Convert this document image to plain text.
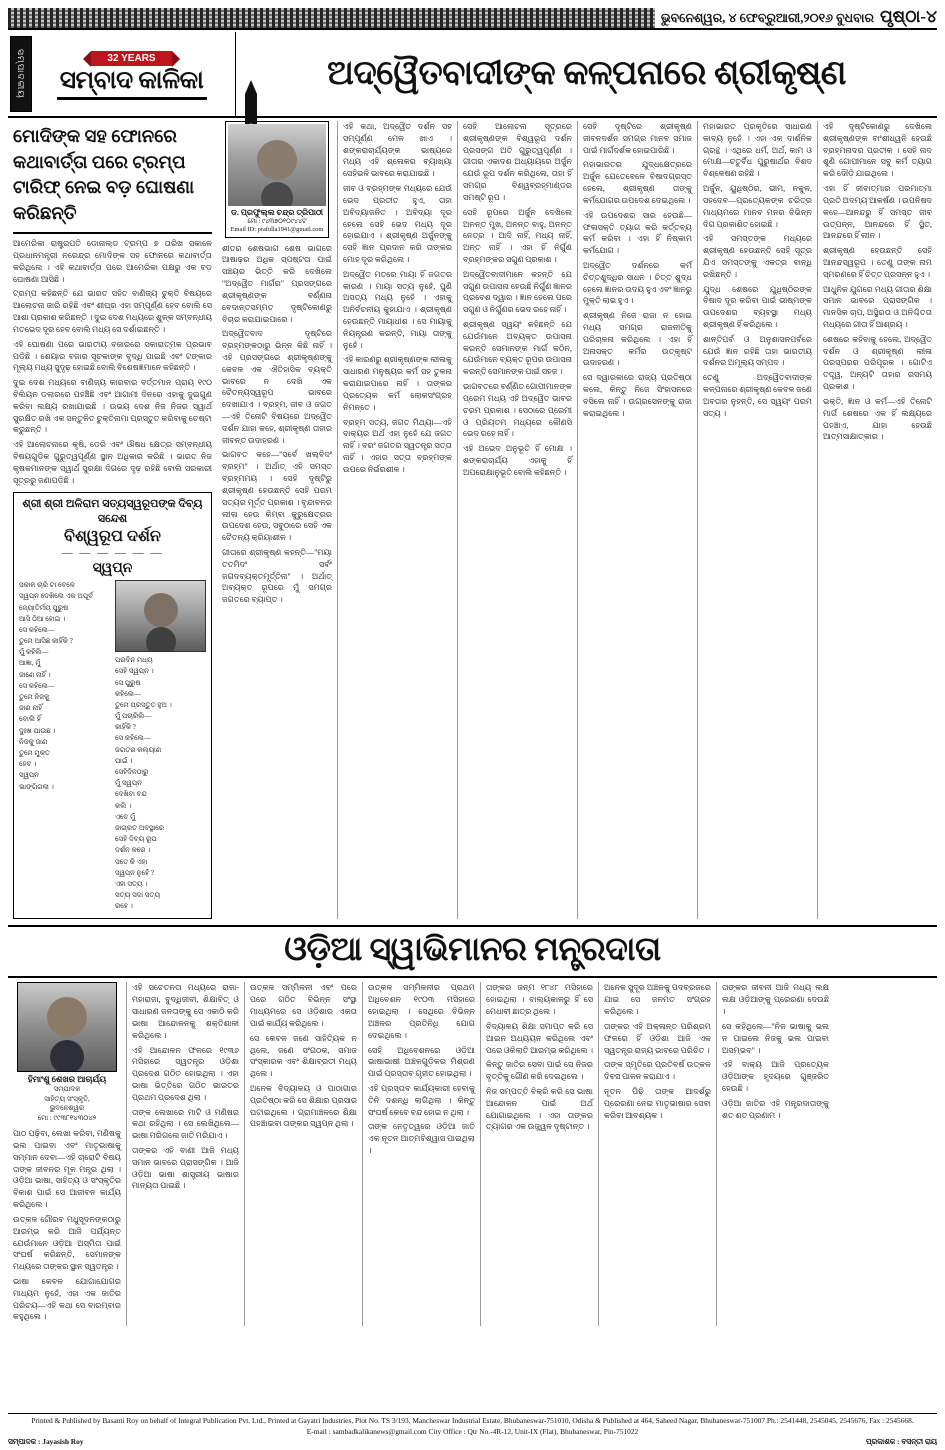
ଭୁବନେଶ୍ୱର, ୪ ଫେବ୍ରୁଆରୀ,୨୦୧୬ ବୁଧବାର ପୃଷ୍ଠା-୪
ସମ୍ପାଦକୀୟ	32 YEARS
ସମ୍ବାଦ କାଳିକା	ଅଦ୍ୱୈତବାଦୀଙ୍କ କଳ୍ପନାରେ ଶ୍ରୀକୃଷ୍ଣ
ମୋଦିଙ୍କ ସହ ଫୋନରେ କଥାବାର୍ତ୍ତା ପରେ ଟ୍ରମ୍ପ ଟାରିଫ୍ ନେଇ ବଡ଼ ଘୋଷଣା କରିଛନ୍ତି

ଆମେରିକା ରାଷ୍ଟ୍ରପତି ଡୋନାଲ୍ଡ ଟ୍ରମ୍ପ ୭ ତାରିଖ ସକାଳେ ପ୍ରଧାନମନ୍ତ୍ରୀ ନରେନ୍ଦ୍ର ମୋଦିଙ୍କ ସହ ଫୋନରେ କଥାବାର୍ତ୍ତା କରିଥିଲେ । ଏହି କଥାବାର୍ତ୍ତା ପରେ ଆମେରିକା ପକ୍ଷରୁ ଏକ ବଡ଼ ଘୋଷଣା ଆସିଛି ।

ଟ୍ରମ୍ପ କହିଛନ୍ତି ଯେ ଭାରତ ସହିତ ବାଣିଜ୍ୟ ଚୁକ୍ତି ବିଷୟରେ ଆଲୋଚନା ଜାରି ରହିଛି ଏବଂ ଶୀଘ୍ର ଏହା ସମ୍ପୂର୍ଣ୍ଣ ହେବ ବୋଲି ସେ ଆଶା ପ୍ରକାଶ କରିଛନ୍ତି । ଦୁଇ ଦେଶ ମଧ୍ୟରେ ଶୁଳ୍କ ସମ୍ବନ୍ଧୀୟ ମତଭେଦ ଦୂର ହେବ ବୋଲି ମଧ୍ୟ ସେ ଦର୍ଶାଇଛନ୍ତି ।

ଏହି ଘୋଷଣା ପରେ ଭାରତୀୟ ବଜାରରେ ସକାରାତ୍ମକ ପ୍ରଭାବ ପଡ଼ିଛି । ଶେୟାର ବଜାର ସୂଚକାଙ୍କ ବୃଦ୍ଧି ପାଇଛି ଏବଂ ଟଙ୍କାର ମୂଲ୍ୟ ମଧ୍ୟ ସୁଦୃଢ଼ ହୋଇଛି ବୋଲି ବିଶେଷଜ୍ଞମାନେ କହିଛନ୍ତି ।

ଦୁଇ ଦେଶ ମଧ୍ୟରେ ବାଣିଜ୍ୟ କାରବାର ବର୍ତ୍ତମାନ ପ୍ରାୟ ୧୯୦ ବିଲିୟନ ଡଲାରରେ ପହଞ୍ଚିଛି ଏବଂ ଆଗାମୀ ଦିନରେ ଏହାକୁ ଦୁଇଗୁଣ କରିବା ଲକ୍ଷ୍ୟ ରଖାଯାଇଛି । ଉଭୟ ଦେଶ ନିଜ ନିଜର ସ୍ୱାର୍ଥ ସୁରକ୍ଷିତ ରଖି ଏକ ସନ୍ତୁଳିତ ଚୁକ୍ତିନାମା ପ୍ରସ୍ତୁତ କରିବାକୁ ଚେଷ୍ଟା କରୁଛନ୍ତି ।

ଏହି ଆଲୋଚନାରେ କୃଷି, ଡେରି ଏବଂ ଔଷଧ କ୍ଷେତ୍ର ସମ୍ବନ୍ଧୀୟ ବିଷୟଗୁଡ଼ିକ ଗୁରୁତ୍ୱପୂର୍ଣ୍ଣ ସ୍ଥାନ ଅଧିକାର କରିଛି । ଭାରତ ନିଜ କୃଷକମାନଙ୍କ ସ୍ୱାର୍ଥ ସୁରକ୍ଷା ଦିଗରେ ଦୃଢ଼ ରହିଛି ବୋଲି ସରକାରୀ ସୂତ୍ରରୁ ଜଣାପଡ଼ିଛି ।

ଶ୍ରୀ ଶ୍ରୀ ଅଳିରାମ ସତ୍ୟସ୍ୱରୂପଙ୍କ ଦିବ୍ୟ ସନ୍ଦେଶ
ବିଶ୍ୱରୂପ ଦର୍ଶନ
— — — — — —
ସ୍ୱପ୍ନ
ସକାଳ ଚାରି ଟା ବେଳେ
ସ୍ୱପ୍ନ ଦେଖିଲେ ଏକ ଅପୂର୍ବ
ଜ୍ୟୋତିର୍ମୟ ପୁରୁଷ
ଆସି ଠିଆ ହୋଇ ।
ସେ କହିଲେ—
ତୁମେ ଆସିଛ କାହିଁକି ?
ମୁଁ କହିଲି—
ଆଜ୍ଞା, ମୁଁ
ଜାଣେ ନାହିଁ ।
ସେ କହିଲେ—
ତୁମେ ନିଜକୁ
ଜାଣ ନାହିଁ
ବୋଲି ହିଁ
ଦୁଃଖ ପାଉଛ ।
ନିଜକୁ ଜାଣ
ତୁମେ ମୁକ୍ତ
ହେବ ।
ସ୍ୱପ୍ନ
ଭାଙ୍ଗିଗଲା ।
ପରଦିନ ମଧ୍ୟ
ସେହି ସ୍ୱପ୍ନ ।
ସେ ପୁରୁଷ
କହିଲେ—
ତୁମେ ପ୍ରସ୍ତୁତ ହୁଅ ।
ମୁଁ ପଚାରିଲି—
କାହିଁକି ?
ସେ କହିଲେ—
ଜଗତର କଲ୍ୟାଣ
ପାଇଁ ।
ସେହିଦିନଠାରୁ
ମୁଁ ସ୍ୱପ୍ନ
ଦେଖିବା ବନ୍ଦ
କଲି ।
ଏବେ ମୁଁ
ଜାଗ୍ରତ ଅବସ୍ଥାରେ
ସେହି ଦିବ୍ୟ ରୂପ
ଦର୍ଶନ କରେ ।
ସତେ କି ଏହା
ସ୍ୱପ୍ନ ନୁହେଁ ?
ଏହା ସତ୍ୟ ।
ସତ୍ୟ ସଦା ସତ୍ୟ
ରହେ ।
ଡ. ପ୍ରଫୁଲ୍ଲ ଚନ୍ଦ୍ର ତ୍ରିପାଠୀ
ମୋ : ୯୪୩୭୦୧୦୯୪୪ଟ
Email ID: prafulla1941@gmail.com

ଶୀତର ଶେଷଭାଗ ଶେଷ ଭାଗରେ ଆଷାଢ଼ର ଅଧିକ ସ୍ପଷ୍ଟତା ପାଇଁ ସଞ୍ଚୟର ଭିତ୍ତି କରି ଦେଖିଲେ "ଅଦ୍ୱୈତ ମାର୍ଗର" ପ୍ରସଙ୍ଗରେ ଶ୍ରୀକୃଷ୍ଣଙ୍କ ବର୍ଣ୍ଣନା ବେଦାନ୍ତସମ୍ମତ ଦୃଷ୍ଟିକୋଣରୁ ବିଚାର କରାଯାଇପାରେ ।

ଅଦ୍ୱୈତବାଦ ଦୃଷ୍ଟିରେ ବ୍ରହ୍ମଙ୍କଠାରୁ ଭିନ୍ନ କିଛି ନାହିଁ । ଏହି ପ୍ରସଙ୍ଗରେ ଶ୍ରୀକୃଷ୍ଣଙ୍କୁ କେବଳ ଏକ ଐତିହାସିକ ବ୍ୟକ୍ତି ଭାବରେ ନ ଦେଖି ଏକ ଚୈତନ୍ୟସ୍ୱରୂପ ଭାବରେ ଦେଖାଯାଏ । ବ୍ରହ୍ମ, ଜୀବ ଓ ଜଗତ—ଏହି ତିନୋଟି ବିଷୟରେ ଅଦ୍ୱୈତ ଦର୍ଶନ ଯାହା କହେ, ଶ୍ରୀକୃଷ୍ଣ ତାହାର ଜୀବନ୍ତ ଉଦାହରଣ ।

ଭାଗବତ କହେ—"ସର୍ବେ ଖଲ୍ବିଦଂ ବ୍ରହ୍ମ" । ଅର୍ଥାତ୍ ଏହି ସମସ୍ତ ବ୍ରହ୍ମମୟ । ସେହି ଦୃଷ୍ଟିରୁ ଶ୍ରୀକୃଷ୍ଣ ହେଉଛନ୍ତି ସେହି ପରମ ସତ୍ୟର ମୂର୍ତ୍ତ ପ୍ରକାଶ । ବୃନ୍ଦାବନର ଲୀଳା ହେଉ କିମ୍ବା କୁରୁକ୍ଷେତ୍ରର ଉପଦେଶ ହେଉ, ସବୁଠାରେ ସେହି ଏକ ଚୈତନ୍ୟ କ୍ରିୟାଶୀଳ ।

ଗୀତାରେ ଶ୍ରୀକୃଷ୍ଣ କହନ୍ତି—"ମୟା ତତମିଦଂ ସର୍ବଂ ଜଗଦବ୍ୟକ୍ତମୂର୍ତ୍ତିନା" । ଅର୍ଥାତ୍ ଅବ୍ୟକ୍ତ ରୂପରେ ମୁଁ ସମଗ୍ର ଜଗତରେ ବ୍ୟାପ୍ତ ।

ଏହି କଥା, ଅଦ୍ୱୈତ ଦର୍ଶନ ସହ ସମ୍ପୂର୍ଣ୍ଣ ମେଳ ଖାଏ । ଶଙ୍କରାଚାର୍ଯ୍ୟଙ୍କ ଭାଷ୍ୟରେ ମଧ୍ୟ ଏହି ଶ୍ଳୋକର ବ୍ୟାଖ୍ୟା ସେହିଭଳି ଭାବରେ କରାଯାଇଛି ।

ଜୀବ ଓ ବ୍ରହ୍ମଙ୍କ ମଧ୍ୟରେ ଯେଉଁ ଭେଦ ପ୍ରତୀତ ହୁଏ, ତାହା ଅବିଦ୍ୟାଜନିତ । ଅବିଦ୍ୟା ଦୂର ହେଲେ ସେହି ଭେଦ ମଧ୍ୟ ଦୂର ହୋଇଯାଏ । ଶ୍ରୀକୃଷ୍ଣ ଅର୍ଜୁନଙ୍କୁ ସେହି ଜ୍ଞାନ ପ୍ରଦାନ କରି ତାଙ୍କର ମୋହ ଦୂର କରିଥିଲେ ।

ଅଦ୍ୱୈତ ମତରେ ମାୟା ହିଁ ଜଗତର କାରଣ । ମାୟା ସତ୍ୟ ନୁହେଁ, ପୁଣି ଅସତ୍ୟ ମଧ୍ୟ ନୁହେଁ । ଏହାକୁ ଅନିର୍ବଚନୀୟ କୁହାଯାଏ । ଶ୍ରୀକୃଷ୍ଣ ହେଉଛନ୍ତି ମାୟାଧୀଶ । ସେ ମାୟାକୁ ନିୟନ୍ତ୍ରଣ କରନ୍ତି, ମାୟା ତାଙ୍କୁ ନୁହେଁ ।

ଏହି କାରଣରୁ ଶ୍ରୀକୃଷ୍ଣଙ୍କ ଲୀଳାକୁ ସାଧାରଣ ମନୁଷ୍ୟର କର୍ମ ସହ ତୁଳନା କରାଯାଇପାରେ ନାହିଁ । ତାଙ୍କର ପ୍ରତ୍ୟେକ କର୍ମ ଲୋକସଂଗ୍ରହ ନିମନ୍ତେ ।

ବ୍ରହ୍ମ ସତ୍ୟ, ଜଗତ ମିଥ୍ୟା—ଏହି ବାକ୍ୟର ଅର୍ଥ ଏହା ନୁହେଁ ଯେ ଜଗତ ନାହିଁ । ବରଂ ଜଗତର ସ୍ୱତନ୍ତ୍ର ସତ୍ତା ନାହିଁ । ଏହାର ସତ୍ତା ବ୍ରହ୍ମଙ୍କ ଉପରେ ନିର୍ଭରଶୀଳ ।

ସେହି ଆଲୋଚନା ସୂତ୍ରରେ ଶ୍ରୀକୃଷ୍ଣଙ୍କ ବିଶ୍ୱରୂପ ଦର୍ଶନ ପ୍ରସଙ୍ଗ ଅତି ଗୁରୁତ୍ୱପୂର୍ଣ୍ଣ । ଗୀତାର ଏକାଦଶ ଅଧ୍ୟାୟରେ ଅର୍ଜୁନ ଯେଉଁ ରୂପ ଦର୍ଶନ କରିଥିଲେ, ତାହା ହିଁ ସମଗ୍ର ବିଶ୍ୱବ୍ରହ୍ମାଣ୍ଡର ସମଷ୍ଟି ରୂପ ।

ସେହି ରୂପରେ ଅର୍ଜୁନ ଦେଖିଲେ ଅନନ୍ତ ମୁଖ, ଅନନ୍ତ ବାହୁ, ଅନନ୍ତ ନେତ୍ର । ଆଦି ନାହିଁ, ମଧ୍ୟ ନାହିଁ, ଅନ୍ତ ନାହିଁ । ଏହା ହିଁ ନିର୍ଗୁଣ ବ୍ରହ୍ମଙ୍କର ସଗୁଣ ପ୍ରକାଶ ।

ଅଦ୍ୱୈତବାଦୀମାନେ କହନ୍ତି ଯେ ସଗୁଣ ଉପାସନା ହେଉଛି ନିର୍ଗୁଣ ଜ୍ଞାନର ପ୍ରବେଶ ଦ୍ୱାର । ଜ୍ଞାନ ହେଲେ ପରେ ସଗୁଣ ଓ ନିର୍ଗୁଣର ଭେଦ ରହେ ନାହିଁ ।

ଶ୍ରୀକୃଷ୍ଣ ସ୍ୱୟଂ କହିଛନ୍ତି ଯେ ଯେଉଁମାନେ ଅବ୍ୟକ୍ତ ଉପାସନା କରନ୍ତି ସେମାନଙ୍କ ମାର୍ଗ କଠିନ, ଯେଉଁମାନେ ବ୍ୟକ୍ତ ରୂପର ଉପାସନା କରନ୍ତି ସେମାନଙ୍କ ପାଇଁ ସହଜ ।

ଭାଗବତରେ ବର୍ଣ୍ଣିତ ଗୋପୀମାନଙ୍କ ପ୍ରେମ ମଧ୍ୟ ଏହି ଅଦ୍ୱୈତ ଭାବର ଚରମ ପ୍ରକାଶ । ସେଠାରେ ପ୍ରେମୀ ଓ ପ୍ରିୟତମ ମଧ୍ୟରେ କୌଣସି ଭେଦ ରହେ ନାହିଁ ।

ଏହି ଅଭେଦ ଅନୁଭୂତି ହିଁ ମୋକ୍ଷ । ଶଙ୍କରାଚାର୍ଯ୍ୟ ଏହାକୁ ହିଁ ଅପରୋକ୍ଷାନୁଭୂତି ବୋଲି କହିଛନ୍ତି ।

ସେହି ଦୃଷ୍ଟିରେ ଶ୍ରୀକୃଷ୍ଣ ଜୀବନଦର୍ଶନ ସମଗ୍ର ମାନବ ସମାଜ ପାଇଁ ମାର୍ଗଦର୍ଶକ ହୋଇପାରିଛି ।

ମହାଭାରତର ଯୁଦ୍ଧକ୍ଷେତ୍ରରେ ଅର୍ଜୁନ ଯେତେବେଳେ ବିଷାଦଗ୍ରସ୍ତ ହେଲେ, ଶ୍ରୀକୃଷ୍ଣ ତାଙ୍କୁ କର୍ମଯୋଗର ଉପଦେଶ ଦେଇଥିଲେ ।

ଏହି ଉପଦେଶର ସାର ହେଉଛି—ଫଳାସକ୍ତି ତ୍ୟାଗ କରି କର୍ତ୍ତବ୍ୟ କର୍ମ କରିବା । ଏହା ହିଁ ନିଷ୍କାମ କର୍ମଯୋଗ ।

ଅଦ୍ୱୈତ ଦର୍ଶନରେ କର୍ମ ଚିତ୍ତଶୁଦ୍ଧିର ସାଧନ । ଚିତ୍ତ ଶୁଦ୍ଧ ହେଲେ ଜ୍ଞାନର ଉଦୟ ହୁଏ ଏବଂ ଜ୍ଞାନରୁ ମୁକ୍ତି ଲାଭ ହୁଏ ।

ଶ୍ରୀକୃଷ୍ଣ ନିଜେ ରାଜା ନ ହୋଇ ମଧ୍ୟ ସମଗ୍ର ରାଜନୀତିକୁ ପରିଚାଳନା କରିଥିଲେ । ଏହା ହିଁ ଅନାସକ୍ତ କର୍ମର ଉତ୍କୃଷ୍ଟ ଉଦାହରଣ ।

ସେ ଦ୍ୱାରକାରେ ରାଜ୍ୟ ପ୍ରତିଷ୍ଠା କଲେ, କିନ୍ତୁ ନିଜେ ସିଂହାସନରେ ବସିଲେ ନାହିଁ । ଉଗ୍ରସେନଙ୍କୁ ରାଜା କରାଇଥିଲେ ।

ମହାଭାରତ ପ୍ରକୃତିରେ ସାଧାରଣ କାବ୍ୟ ନୁହେଁ । ଏହା ଏକ ଦାର୍ଶନିକ ଗ୍ରନ୍ଥ । ଏଥିରେ ଧର୍ମ, ଅର୍ଥ, କାମ ଓ ମୋକ୍ଷ—ଚତୁର୍ବିଧ ପୁରୁଷାର୍ଥର ବିଶଦ ବିଶ୍ଳେଷଣ ରହିଛି ।

ଅର୍ଜୁନ, ୟୁଧିଷ୍ଠିର, ଭୀମ, ନକୁଳ, ସହଦେବ—ପ୍ରତ୍ୟେକଙ୍କ ଚରିତ୍ର ମାଧ୍ୟମରେ ମାନବ ମନର ବିଭିନ୍ନ ଦିଗ ପ୍ରକାଶିତ ହୋଇଛି ।

ଏହି ସମସ୍ତଙ୍କ ମଧ୍ୟରେ ଶ୍ରୀକୃଷ୍ଣ ହେଉଛନ୍ତି ସେହି ସୂତ୍ର ଯିଏ ସମସ୍ତଙ୍କୁ ଏକତ୍ର ବାନ୍ଧି ରଖିଛନ୍ତି ।

ଯୁଦ୍ଧ ଶେଷରେ ଯୁଧିଷ୍ଠିରଙ୍କ ବିଷାଦ ଦୂର କରିବା ପାଇଁ ଭୀଷ୍ମଙ୍କ ଉପଦେଶର ବ୍ୟବସ୍ଥା ମଧ୍ୟ ଶ୍ରୀକୃଷ୍ଣ ହିଁ କରିଥିଲେ ।

ଶାନ୍ତିପର୍ବ ଓ ଅନୁଶାସନପର୍ବରେ ଯେଉଁ ଜ୍ଞାନ ରହିଛି ତାହା ଭାରତୀୟ ଦର୍ଶନର ଅମୂଲ୍ୟ ସମ୍ପଦ ।

ତେଣୁ ଅଦ୍ୱୈତବାଦୀଙ୍କ କଳ୍ପନାରେ ଶ୍ରୀକୃଷ୍ଣ କେବଳ ଜଣେ ଅବତାର ନୁହନ୍ତି, ସେ ସ୍ୱୟଂ ପରମ ସତ୍ୟ ।

ଏହି ଦୃଷ୍ଟିକୋଣରୁ ଦେଖିଲେ ଶ୍ରୀକୃଷ୍ଣଙ୍କ ବାଂଶୀଧ୍ୱନି ହେଉଛି ବ୍ରହ୍ମନାଦର ପ୍ରତୀକ । ସେହି ନାଦ ଶୁଣି ଗୋପୀମାନେ ସବୁ କର୍ମ ତ୍ୟାଗ କରି ଦୌଡ଼ି ଯାଇଥିଲେ ।

ଏହା ହିଁ ଜୀବାତ୍ମାର ପରମାତ୍ମା ପ୍ରତି ଅଦମ୍ୟ ଆକର୍ଷଣ । ଉପନିଷଦ କହେ—ଆନନ୍ଦରୁ ହିଁ ସମସ୍ତ ଜୀବ ଉତ୍ପନ୍ନ, ଆନନ୍ଦରେ ହିଁ ସ୍ଥିତ, ଆନନ୍ଦରେ ହିଁ ଲୀନ ।

ଶ୍ରୀକୃଷ୍ଣ ହେଉଛନ୍ତି ସେହି ଆନନ୍ଦସ୍ୱରୂପ । ତେଣୁ ତାଙ୍କ ନାମ ସ୍ମରଣରେ ହିଁ ଚିତ୍ତ ପ୍ରସନ୍ନ ହୁଏ ।

ଆଧୁନିକ ଯୁଗରେ ମଧ୍ୟ ଗୀତାର ଶିକ୍ଷା ସମାନ ଭାବରେ ପ୍ରାସଙ୍ଗିକ । ମାନସିକ ଚାପ, ଅସ୍ଥିରତା ଓ ଅନିଶ୍ଚିତତା ମଧ୍ୟରେ ଗୀତା ହିଁ ଆଶ୍ରୟ ।

ଶେଷରେ କହିବାକୁ ହେଲେ, ଅଦ୍ୱୈତ ଦର୍ଶନ ଓ ଶ୍ରୀକୃଷ୍ଣ ଲୀଳା ପରସ୍ପରର ପରିପୂରକ । ଗୋଟିଏ ତତ୍ତ୍ୱ, ଅନ୍ୟଟି ତାହାର ରସମୟ ପ୍ରକାଶ ।

ଭକ୍ତି, ଜ୍ଞାନ ଓ କର୍ମ—ଏହି ତିନୋଟି ମାର୍ଗ ଶେଷରେ ଏକ ହିଁ ଲକ୍ଷ୍ୟରେ ପହଞ୍ଚାଏ, ଯାହା ହେଉଛି ଆତ୍ମସାକ୍ଷାତ୍କାର ।

ଓଡ଼ିଆ ସ୍ୱାଭିମାନର ମନ୍ତ୍ରଦାତା
ହିମାଂଶୁ ଶେଖର ଆଚାର୍ଯ୍ୟ
ସମ୍ପାଦକ
ସାହିତ୍ୟ ସଂସ୍କୃତି,
ଭୁବନେଶ୍ୱର
ମୋ : ୯୯୩୮୧୪୩୦୪୨

ପାଠ ପଢ଼ିବା, ଲେଖା କରିବା, ମଣିଷକୁ ଭଲ ପାଇବା ଏବଂ ମାତୃଭାଷାକୁ ସମ୍ମାନ ଦେବା—ଏହି ଚାରୋଟି ବିଷୟ ତାଙ୍କ ଜୀବନର ମୂଳ ମନ୍ତ୍ର ଥିଲା । ଓଡ଼ିଆ ଭାଷା, ସାହିତ୍ୟ ଓ ସଂସ୍କୃତିର ବିକାଶ ପାଇଁ ସେ ଆଜୀବନ କାର୍ଯ୍ୟ କରିଥିଲେ ।

ଉତ୍କଳ ଗୌରବ ମଧୁସୂଦନଙ୍କଠାରୁ ଆରମ୍ଭ କରି ଆଜି ପର୍ଯ୍ୟନ୍ତ ଯେଉଁମାନେ ଓଡ଼ିଆ ଅସ୍ମିତା ପାଇଁ ସଂଘର୍ଷ କରିଛନ୍ତି, ସେମାନଙ୍କ ମଧ୍ୟରେ ତାଙ୍କର ସ୍ଥାନ ସ୍ୱତନ୍ତ୍ର ।

ଭାଷା କେବଳ ଯୋଗାଯୋଗର ମାଧ୍ୟମ ନୁହେଁ, ଏହା ଏକ ଜାତିର ପରିଚୟ—ଏହି କଥା ସେ ବାରମ୍ବାର କହୁଥିଲେ ।

ଏହି ସଚେତନତା ମଧ୍ୟରେ ରାଜା-ମହାରାଜା, ବୁଦ୍ଧିଜୀବୀ, ଶିକ୍ଷାବିତ୍ ଓ ସାଧାରଣ ଜନତାଙ୍କୁ ସେ ଏକାଠି କରି ଭାଷା ଆନ୍ଦୋଳନକୁ ଶକ୍ତିଶାଳୀ କରିଥିଲେ ।

ଏହି ଆନ୍ଦୋଳନ ଫଳରେ ୧୯୩୬ ମସିହାରେ ସ୍ୱତନ୍ତ୍ର ଓଡ଼ିଶା ପ୍ରଦେଶ ଗଠିତ ହୋଇଥିଲା । ଏହା ଭାଷା ଭିତ୍ତିରେ ଗଠିତ ଭାରତର ପ୍ରଥମ ପ୍ରଦେଶ ଥିଲା ।

ତାଙ୍କ ଲେଖାରେ ମାଟି ଓ ମଣିଷର କଥା ରହିଥିଲା । ସେ ଲେଖିଥିଲେ—ଭାଷା ମରିଗଲେ ଜାତି ମରିଯାଏ ।

ତାଙ୍କର ଏହି ବାଣୀ ଆଜି ମଧ୍ୟ ସମାନ ଭାବରେ ପ୍ରାସଙ୍ଗିକ । ଆଜି ଓଡ଼ିଆ ଭାଷା ଶାସ୍ତ୍ରୀୟ ଭାଷାର ମାନ୍ୟତା ପାଇଛି ।

ଉତ୍କଳ ସମ୍ମିଳନୀ ଏବଂ ପରେ ପରେ ଗଠିତ ବିଭିନ୍ନ ସଂସ୍ଥା ମାଧ୍ୟମରେ ସେ ଓଡ଼ିଶାର ଏକତା ପାଇଁ କାର୍ଯ୍ୟ କରିଥିଲେ ।

ସେ କେବଳ ଜଣେ ସାହିତ୍ୟିକ ନ ଥିଲେ, ଜଣେ ସଂଗଠକ, ସମାଜ ସଂସ୍କାରକ ଏବଂ ଶିକ୍ଷାବ୍ରତୀ ମଧ୍ୟ ଥିଲେ ।

ଅନେକ ବିଦ୍ୟାଳୟ ଓ ପାଠାଗାର ପ୍ରତିଷ୍ଠା କରି ସେ ଶିକ୍ଷାର ପ୍ରସାର ଘଟାଇଥିଲେ । ଗ୍ରାମାଞ୍ଚଳରେ ଶିକ୍ଷା ପହଞ୍ଚାଇବା ତାଙ୍କର ସ୍ୱପ୍ନ ଥିଲା ।

ଉତ୍କଳ ସମ୍ମିଳନୀର ପ୍ରଥମ ଅଧିବେଶନ ୧୯୦୩ ମସିହାରେ ହୋଇଥିଲା । ସେଥିରେ ବିଭିନ୍ନ ଅଞ୍ଚଳର ପ୍ରତିନିଧି ଯୋଗ ଦେଇଥିଲେ ।

ସେହି ଅଧିବେଶନରେ ଓଡ଼ିଆ ଭାଷାଭାଷୀ ଅଞ୍ଚଳଗୁଡ଼ିକର ମିଶ୍ରଣ ପାଇଁ ପ୍ରସ୍ତାବ ଗୃହୀତ ହୋଇଥିଲା ।

ଏହି ପ୍ରସ୍ତାବ କାର୍ଯ୍ୟକାରୀ ହେବାକୁ ତିନି ଦଶନ୍ଧି ଲାଗିଥିଲା । କିନ୍ତୁ ସଂଘର୍ଷ କେବେ ବନ୍ଦ ହୋଇ ନ ଥିଲା ।

ତାଙ୍କ ନେତୃତ୍ୱରେ ଓଡ଼ିଆ ଜାତି ଏକ ନୂତନ ଆତ୍ମବିଶ୍ୱାସ ପାଇଥିଲା ।

ତାଙ୍କର ଜନ୍ମ ୧୮୪୮ ମସିହାରେ ହୋଇଥିଲା । ବାଲ୍ୟକାଳରୁ ହିଁ ସେ ମେଧାବୀ ଛାତ୍ର ଥିଲେ ।

ବିଦ୍ୟାଳୟ ଶିକ୍ଷା ସମାପ୍ତ କରି ସେ ଆଇନ ଅଧ୍ୟୟନ କରିଥିଲେ ଏବଂ ପରେ ଓକିଲାତି ଆରମ୍ଭ କରିଥିଲେ ।

କିନ୍ତୁ ଜାତିର ସେବା ପାଇଁ ସେ ନିଜର ବୃତ୍ତିକୁ ଗୌଣ କରି ଦେଇଥିଲେ ।

ନିଜ ସମ୍ପତ୍ତି ବିକ୍ରି କରି ସେ ଭାଷା ଆନ୍ଦୋଳନ ପାଇଁ ଅର୍ଥ ଯୋଗାଇଥିଲେ । ଏହା ତାଙ୍କର ତ୍ୟାଗର ଏକ ଉଜ୍ଜ୍ୱଳ ଦୃଷ୍ଟାନ୍ତ ।

ଅନେକ ସୁଦୂର ଅଞ୍ଚଳକୁ ପଦବ୍ରଜରେ ଯାଇ ସେ ଜନମତ ସଂଗ୍ରହ କରିଥିଲେ ।

ତାଙ୍କର ଏହି ଅକ୍ଳାନ୍ତ ପରିଶ୍ରମ ଫଳରେ ହିଁ ଓଡ଼ିଶା ଆଜି ଏକ ସ୍ୱତନ୍ତ୍ର ରାଜ୍ୟ ଭାବରେ ପରିଚିତ ।

ତାଙ୍କ ସ୍ମୃତିରେ ପ୍ରତିବର୍ଷ ଉତ୍କଳ ଦିବସ ପାଳନ କରାଯାଏ ।

ନୂତନ ପିଢ଼ି ତାଙ୍କ ଆଦର୍ଶରୁ ପ୍ରେରଣା ନେଇ ମାତୃଭାଷାର ସେବା କରିବା ଆବଶ୍ୟକ ।

ତାଙ୍କର ଜୀବନୀ ଆଜି ମଧ୍ୟ ଲକ୍ଷ ଲକ୍ଷ ଓଡ଼ିଆଙ୍କୁ ପ୍ରେରଣା ଦେଉଛି ।

ସେ କହିଥିଲେ—"ନିଜ ଭାଷାକୁ ଭଲ ନ ପାଇଲେ ନିଜକୁ ଭଲ ପାଇବା ଅସମ୍ଭବ" ।

ଏହି ବାକ୍ୟ ଆଜି ପ୍ରତ୍ୟେକ ଓଡ଼ିଆଙ୍କ ହୃଦୟରେ ଗୁଞ୍ଜରିତ ହେଉଛି ।

ଓଡ଼ିଆ ଜାତିର ଏହି ମନ୍ତ୍ରଦାତାଙ୍କୁ ଶତ ଶତ ପ୍ରଣାମ ।

Printed & Published by Basanti Roy on behalf of Integral Publication Pvt. Ltd., Printed at Gayatri Industries, Plot No. TS 3/193, Mancheswar Industrial Estate, Bhubaneswar-751010, Odisha & Published at 464, Saheed Nagar, Bhubaneswar-751007 Ph.: 2541448, 2545045, 2545676, Fax : 2545668.
E-mail : sambadkalikanews@gmail.com City Office : Qtr No.-4R-12, Unit-IX (Flat), Bhubaneswar, Pin-751022
ସମ୍ପାଦକ : Jayasish Roy	ପ୍ରକାଶକ : ବସନ୍ତୀ ରାୟ
